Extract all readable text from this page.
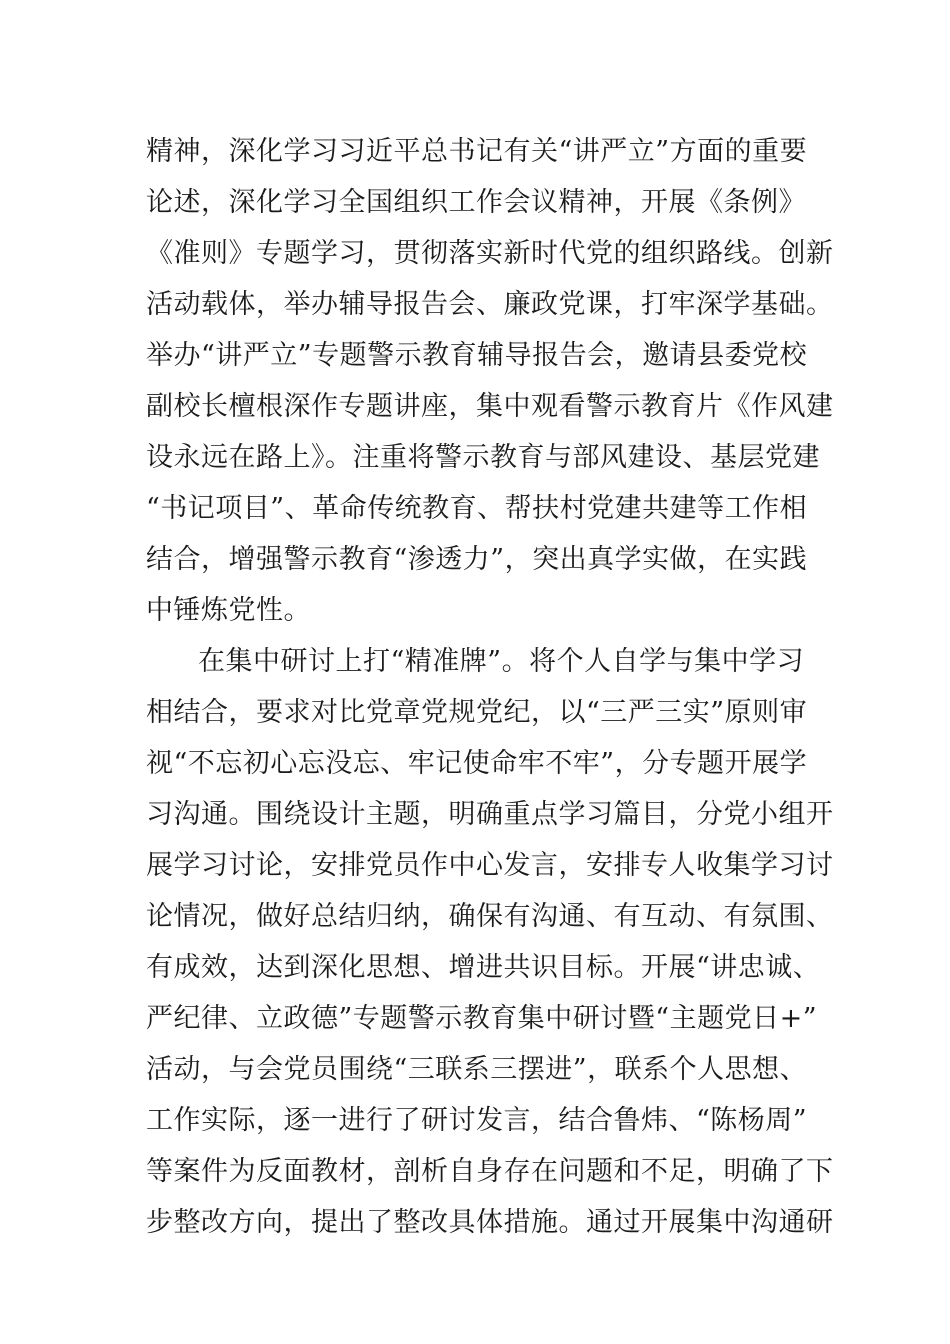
精神，深化学习习近平总书记有关“讲严立”方面的重要
论述，深化学习全国组织工作会议精神，开展《条例》
《准则》专题学习，贯彻落实新时代党的组织路线。创新
活动载体，举办辅导报告会、廉政党课，打牢深学基础。
举办“讲严立”专题警示教育辅导报告会，邀请县委党校
副校长檀根深作专题讲座，集中观看警示教育片《作风建
设永远在路上》。注重将警示教育与部风建设、基层党建
“书记项目”、革命传统教育、帮扶村党建共建等工作相
结合，增强警示教育“渗透力”，突出真学实做，在实践
中锤炼党性。
在集中研讨上打“精准牌”。将个人自学与集中学习
相结合，要求对比党章党规党纪，以“三严三实”原则审
视“不忘初心忘没忘、牢记使命牢不牢”，分专题开展学
习沟通。围绕设计主题，明确重点学习篇目，分党小组开
展学习讨论，安排党员作中心发言，安排专人收集学习讨
论情况，做好总结归纳，确保有沟通、有互动、有氛围、
有成效，达到深化思想、增进共识目标。开展“讲忠诚、
严纪律、立政德”专题警示教育集中研讨暨“主题党日+”
活动，与会党员围绕“三联系三摆进”，联系个人思想、
工作实际，逐一进行了研讨发言，结合鲁炜、“陈杨周”
等案件为反面教材，剖析自身存在问题和不足，明确了下
步整改方向，提出了整改具体措施。通过开展集中沟通研
